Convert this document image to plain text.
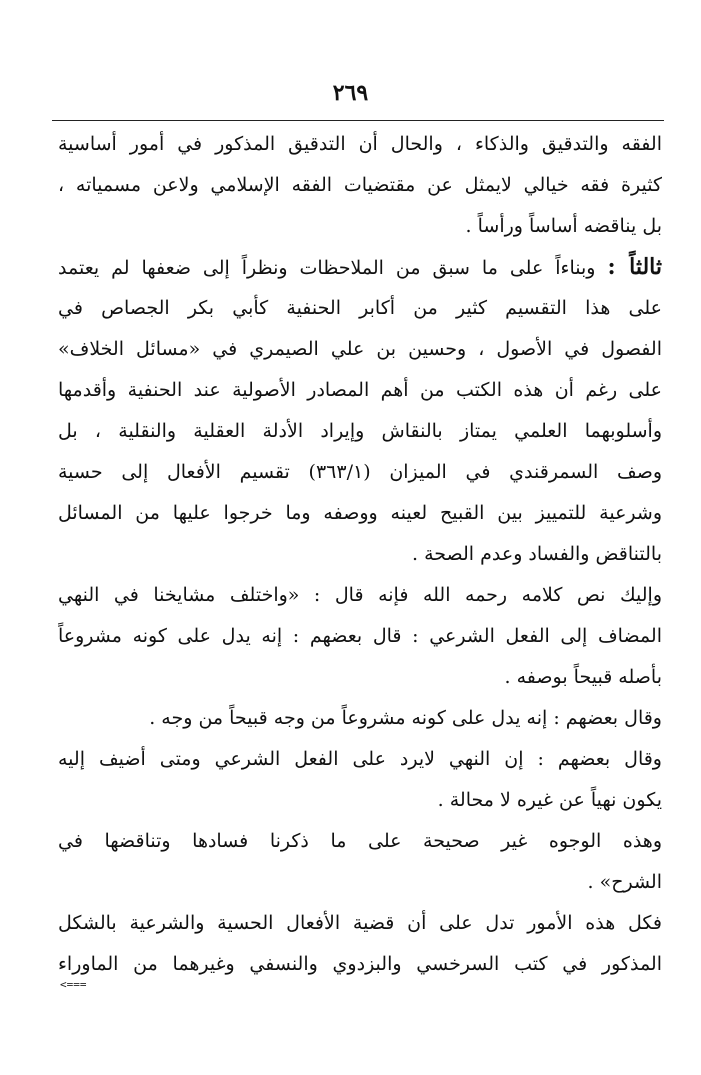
٢٦٩
الفقه والتدقيق والذكاء ، والحال أن التدقيق المذكور في أمور أساسية
كثيرة فقه خيالي لايمثل عن مقتضيات الفقه الإسلامي ولاعن مسمياته ،
بل يناقضه أساساً ورأساً .
ثالثاً : وبناءاً على ما سبق من الملاحظات ونظراً إلى ضعفها لم يعتمد
على هذا التقسيم كثير من أكابر الحنفية كأبي بكر الجصاص في
الفصول في الأصول ، وحسين بن علي الصيمري في «مسائل الخلاف»
على رغم أن هذه الكتب من أهم المصادر الأصولية عند الحنفية وأقدمها
وأسلوبهما العلمي يمتاز بالنقاش وإيراد الأدلة العقلية والنقلية ، بل
وصف السمرقندي في الميزان (٣٦٣/١) تقسيم الأفعال إلى حسية
وشرعية للتمييز بين القبيح لعينه ووصفه وما خرجوا عليها من المسائل
بالتناقض والفساد وعدم الصحة .
وإليك نص كلامه رحمه الله فإنه قال : «واختلف مشايخنا في النهي
المضاف إلى الفعل الشرعي : قال بعضهم : إنه يدل على كونه مشروعاً
بأصله قبيحاً بوصفه .
وقال بعضهم : إنه يدل على كونه مشروعاً من وجه قبيحاً من وجه .
وقال بعضهم : إن النهي لايرد على الفعل الشرعي ومتى أضيف إليه
يكون نهياً عن غيره لا محالة .
وهذه الوجوه غير صحيحة على ما ذكرنا فسادها وتناقضها في
الشرح» .
فكل هذه الأمور تدل على أن قضية الأفعال الحسية والشرعية بالشكل
المذكور في كتب السرخسي والبزدوي والنسفي وغيرهما من الماوراء
<===
